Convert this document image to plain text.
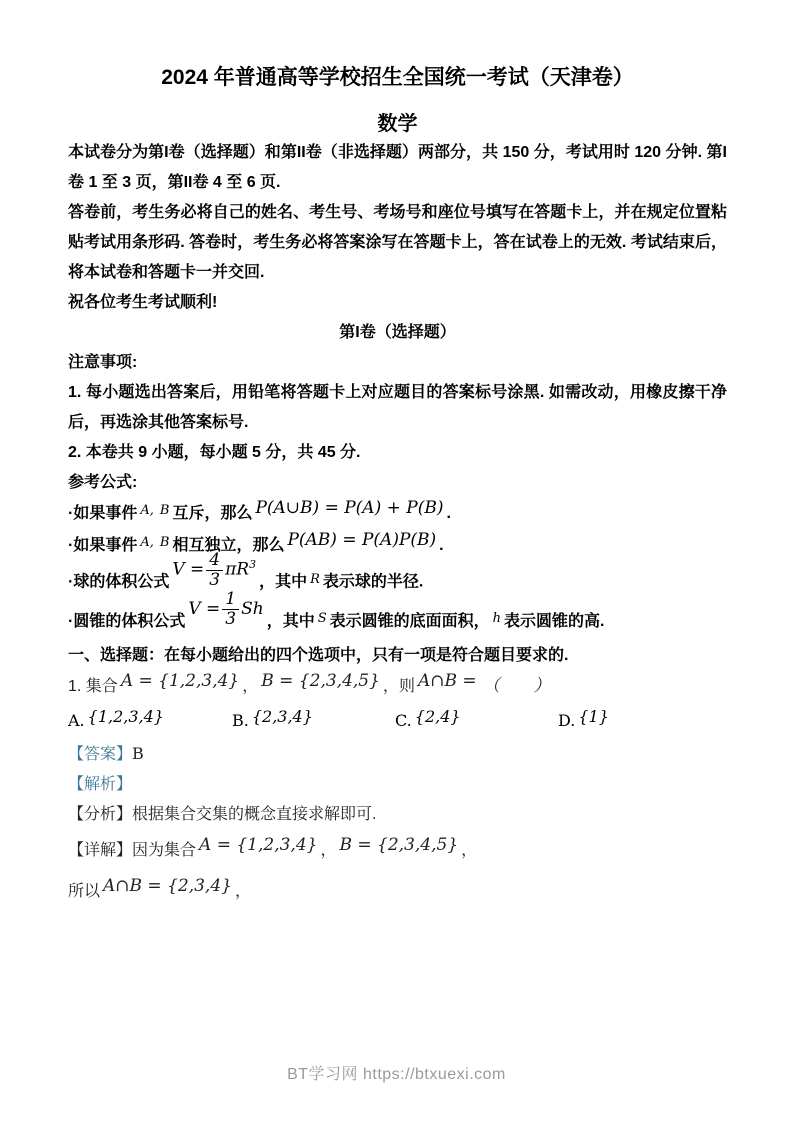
2024 年普通高等学校招生全国统一考试（天津卷）
数学

本试卷分为第I卷（选择题）和第II卷（非选择题）两部分，共 150 分，考试用时 120 分钟. 第I卷 1 至 3 页，第II卷 4 至 6 页.

答卷前，考生务必将自己的姓名、考生号、考场号和座位号填写在答题卡上，并在规定位置粘贴考试用条形码. 答卷时，考生务必将答案涂写在答题卡上，答在试卷上的无效. 考试结束后，将本试卷和答题卡一并交回.

祝各位考生考试顺利!

第I卷（选择题）

注意事项:

1. 每小题选出答案后，用铅笔将答题卡上对应题目的答案标号涂黑. 如需改动，用橡皮擦干净后，再选涂其他答案标号.

2. 本卷共 9 小题，每小题 5 分，共 45 分.

参考公式:

·如果事件 A, B 互斥，那么 P(A∪B) = P(A) + P(B) .

·如果事件 A, B 相互独立，那么 P(AB) = P(A)P(B) .

·球的体积公式$V = \frac{4}{3} \pi R^3$，其中 R 表示球的半径.

·圆锥的体积公式$V = \frac{1}{3}$ Sh，其中 S 表示圆锥的底面面积， h 表示圆锥的高.

一、选择题：在每小题给出的四个选项中，只有一项是符合题目要求的.

1. 集合 A = {1,2,3,4} ， B = {2,3,4,5} ，则 A∩B = （　　）

A. {1,2,3,4}	B. {2,3,4}	C. {2,4}	D. {1}

【答案】B

【解析】

【分析】根据集合交集的概念直接求解即可.

【详解】因为集合 A = {1,2,3,4} ， B = {2,3,4,5} ，

所以 A∩B = {2,3,4} ，

BT学习网 https://btxuexi.com
